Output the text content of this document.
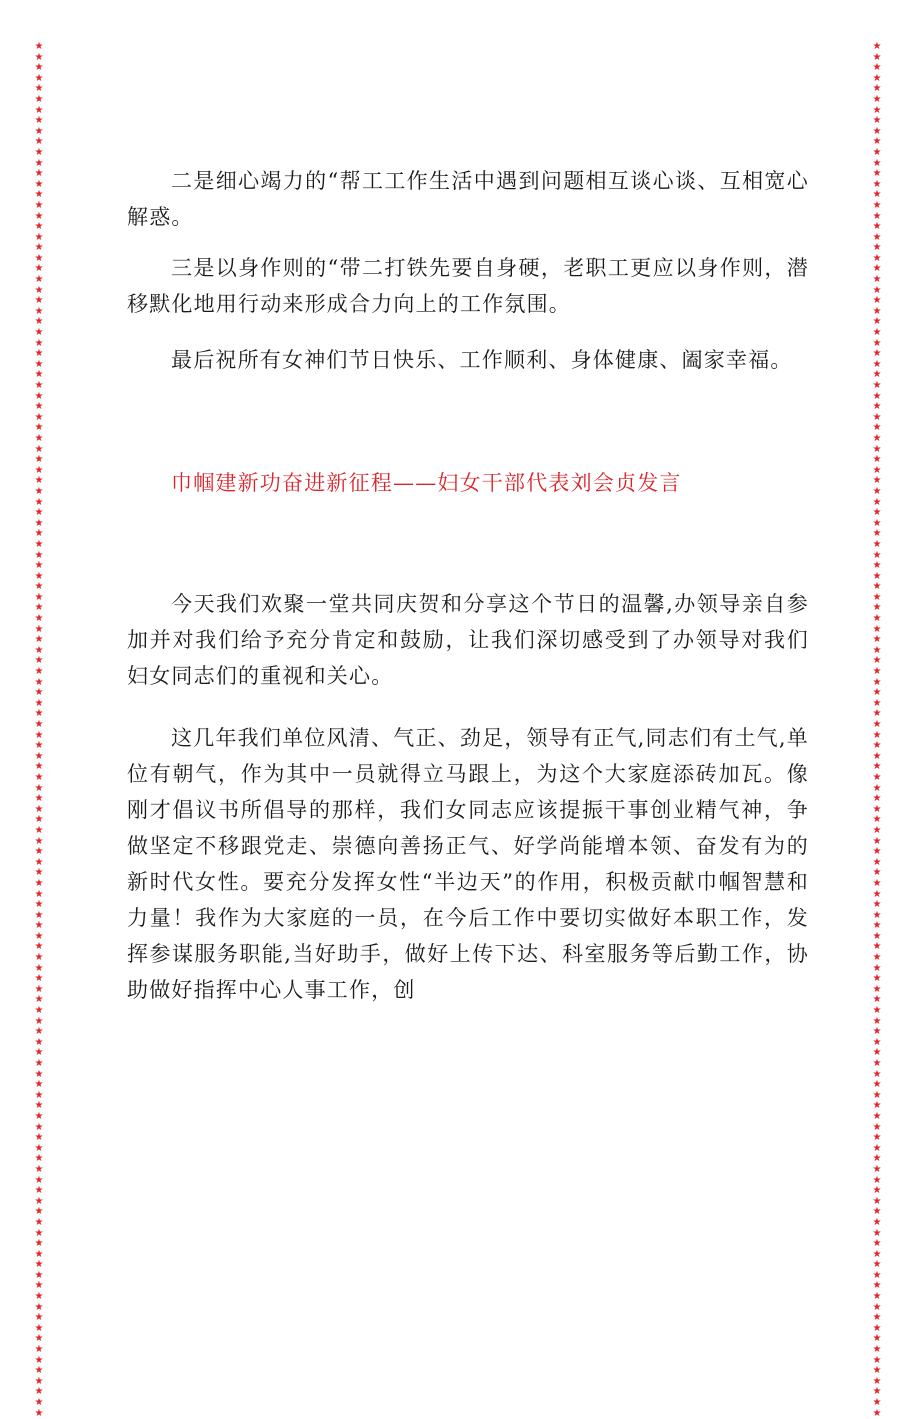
★★★★★★★★★★★★★★★★★★★★★★★★★★★★★★★★★★★★★★★★★★★★★★★★★★★★★★★★★★★★★★★★★★★★★★★★★★★★★★★★★★★★★★★★★★★★★★★★★★★★★★★★★★★★★★★★★★★★★★★★★★★★★★★★★★
★★★★★★★★★★★★★★★★★★★★★★★★★★★★★★★★★★★★★★★★★★★★★★★★★★★★★★★★★★★★★★★★★★★★★★★★★★★★★★★★★★★★★★★★★★★★★★★★★★★★★★★★★★★★★★★★★★★★★★★★★★★★★★★★★★

二是细心竭力的“帮工工作生活中遇到问题相互谈心谈、互相宽心解惑。

三是以身作则的“带二打铁先要自身硬，老职工更应以身作则，潜移默化地用行动来形成合力向上的工作氛围。

最后祝所有女神们节日快乐、工作顺利、身体健康、阖家幸福。

巾帼建新功奋进新征程——妇女干部代表刘会贞发言

今天我们欢聚一堂共同庆贺和分享这个节日的温馨,办领导亲自参加并对我们给予充分肯定和鼓励，让我们深切感受到了办领导对我们妇女同志们的重视和关心。

这几年我们单位风清、气正、劲足，领导有正气,同志们有土气,单位有朝气，作为其中一员就得立马跟上，为这个大家庭添砖加瓦。像刚才倡议书所倡导的那样，我们女同志应该提振干事创业精气神，争做坚定不移跟党走、崇德向善扬正气、好学尚能增本领、奋发有为的新时代女性。要充分发挥女性“半边天”的作用，积极贡献巾帼智慧和力量！我作为大家庭的一员，在今后工作中要切实做好本职工作，发挥参谋服务职能,当好助手，做好上传下达、科室服务等后勤工作，协助做好指挥中心人事工作，创
